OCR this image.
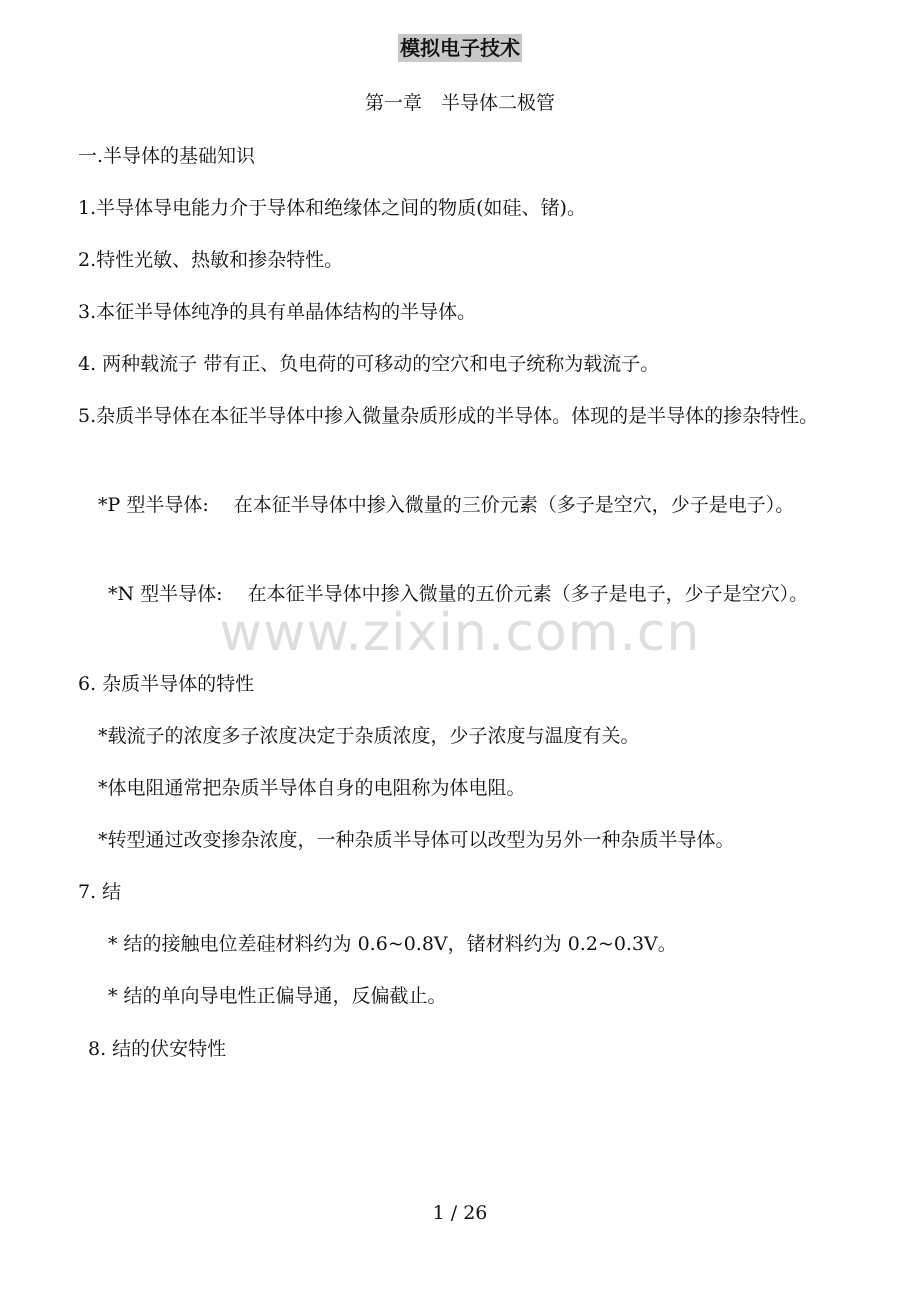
模拟电子技术
第一章　半导体二极管
一.半导体的基础知识
1.半导体导电能力介于导体和绝缘体之间的物质(如硅、锗)。
2.特性光敏、热敏和掺杂特性。
3.本征半导体纯净的具有单晶体结构的半导体。
4. 两种载流子 带有正、负电荷的可移动的空穴和电子统称为载流子。
5.杂质半导体在本征半导体中掺入微量杂质形成的半导体。体现的是半导体的掺杂特性。
*P 型半导体:　 在本征半导体中掺入微量的三价元素（多子是空穴，少子是电子）。
*N 型半导体:　 在本征半导体中掺入微量的五价元素（多子是电子，少子是空穴）。
6. 杂质半导体的特性
*载流子的浓度多子浓度决定于杂质浓度，少子浓度与温度有关。
*体电阻通常把杂质半导体自身的电阻称为体电阻。
*转型通过改变掺杂浓度，一种杂质半导体可以改型为另外一种杂质半导体。
7. 结
* 结的接触电位差硅材料约为 0.6~0.8V，锗材料约为 0.2~0.3V。
* 结的单向导电性正偏导通，反偏截止。
8. 结的伏安特性
www.zixin.com.cn
1 / 26
